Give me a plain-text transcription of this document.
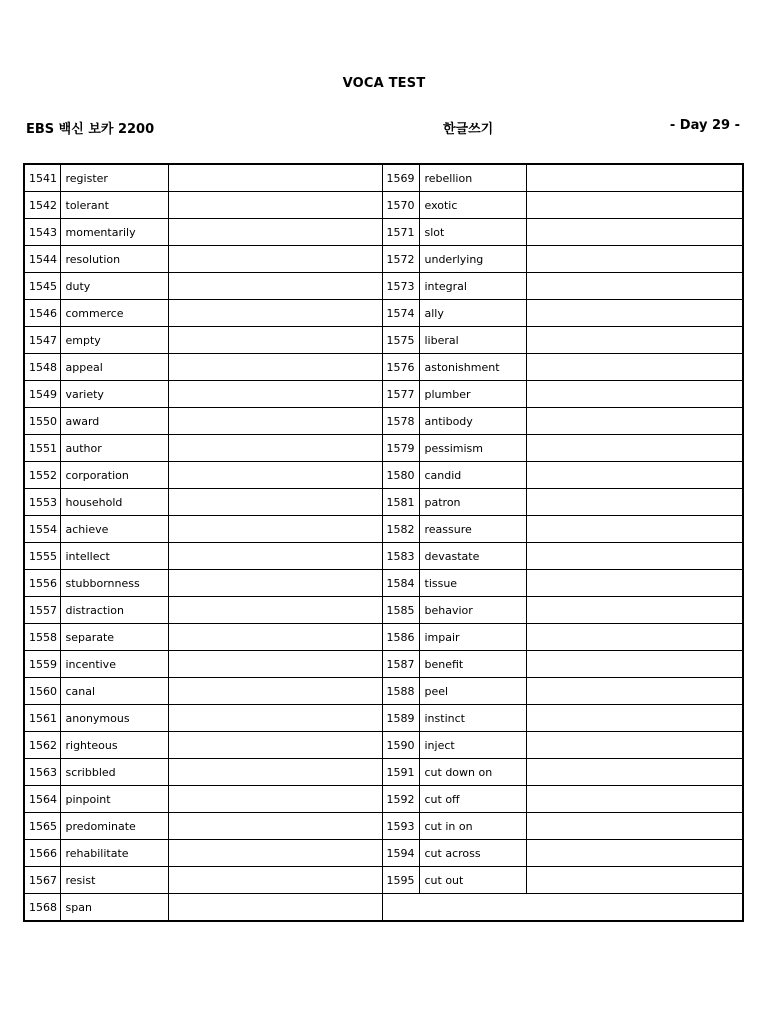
VOCA TEST
EBS 백신 보카 2200	한글쓰기	- Day 29 -
1541	register		1569	rebellion	
1542	tolerant		1570	exotic	
1543	momentarily		1571	slot	
1544	resolution		1572	underlying	
1545	duty		1573	integral	
1546	commerce		1574	ally	
1547	empty		1575	liberal	
1548	appeal		1576	astonishment	
1549	variety		1577	plumber	
1550	award		1578	antibody	
1551	author		1579	pessimism	
1552	corporation		1580	candid	
1553	household		1581	patron	
1554	achieve		1582	reassure	
1555	intellect		1583	devastate	
1556	stubbornness		1584	tissue	
1557	distraction		1585	behavior	
1558	separate		1586	impair	
1559	incentive		1587	benefit	
1560	canal		1588	peel	
1561	anonymous		1589	instinct	
1562	righteous		1590	inject	
1563	scribbled		1591	cut down on	
1564	pinpoint		1592	cut off	
1565	predominate		1593	cut in on	
1566	rehabilitate		1594	cut across	
1567	resist		1595	cut out	
1568	span				
